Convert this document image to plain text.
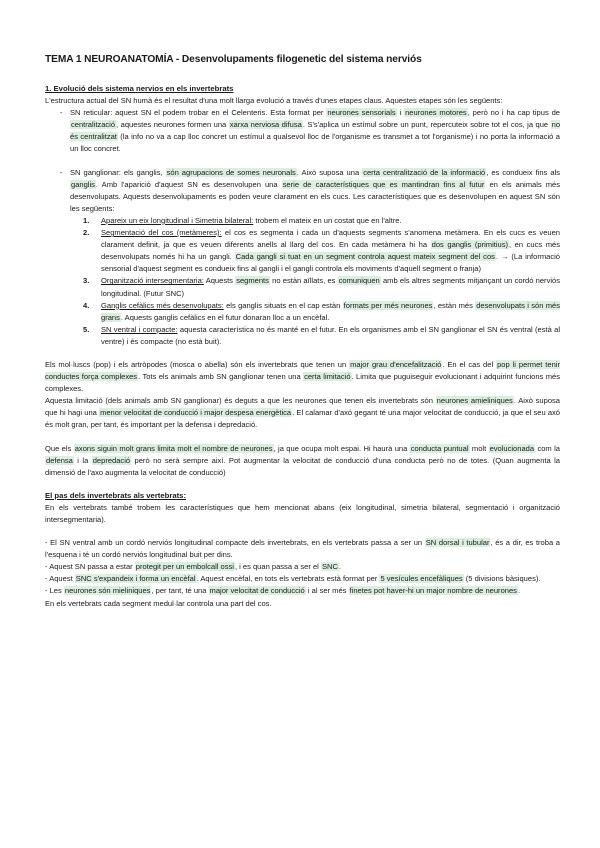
TEMA 1 NEUROANATOMÍA - Desenvolupaments filogenetic del sistema nerviós

1. Evolució dels sistema nervios en els invertebrats

L'estructura actual del SN humà és el resultat d'una molt llarga evolució a través d'unes etapes claus. Aquestes etapes són les següents:

- SN reticular: aquest SN el podem trobar en el Celenteris. Esta format per neurones sensorials i neurones motores, però no i ha cap tipus de centralització, aquestes neurones formen una xarxa nerviosa difusa. S's'aplica un estímul sobre un punt, repercuteix sobre tot el cos, ja que no és centralitzat (la info no va a cap lloc concret un estímul a qualsevol lloc de l'organisme es transmet a tot l'organisme) i no porta la informació a un lloc concret.

- SN ganglionar: els ganglis, són agrupacions de somes neuronals. Això suposa una certa centralització de la informació, es condueix fins als ganglis. Amb l'aparició d'aquest SN es desenvolupen una serie de característiques que es mantindran fins al futur en els animals més desenvolupats. Aquests desenvolupaments es poden veure clarament en els cucs. Les característiques que es desenvolupen en aquest SN són les següents:

1. Apareix un eix longitudinal i Simetria bilateral: trobem el mateix en un costat que en l'altre.
2. Segmentació del cos (metàmeres): el cos es segmenta i cada un d'aquests segments s'anomena metàmera. En els cucs es veuen clarament definit, ja que es veuen diferents anells al llarg del cos. En cada metàmera hi ha dos ganglis (primitius), en cucs més desenvolupats només hi ha un gangli. Cada gangli si tuat en un segment controla aquest mateix segment del cos. → (La informació sensorial d'aquest segment es condueix fins al gangli i el gangli controla els moviments d'aquell segment o franja)
3. Organització intersegmentaria: Aquests segments no estàn aïllats, es comuniquen amb els altres segments mitjançant un cordó nerviós longitudinal. (Futur SNC)
4. Ganglis cefàlics més desenvolupats: els ganglis situats en el cap estàn formats per més neurones, estàn més desenvolupats i són més grans. Aquests ganglis cefàlics en el futur donaran lloc a un encèfal.
5. SN ventral i compacte: aquesta característica no és manté en el futur. En els organismes amb el SN ganglionar el SN és ventral (està al ventre) i és compacte (no està buit).

Els mol·luscs (pop) i els artròpodes (mosca o abella) són els invertebrats que tenen un major grau d'encefalització. En el cas del pop li permet tenir conductes força complexes. Tots els animals amb SN ganglionar tenen una certa limitació. Limita que puguiseguir evolucionant i adquirint funcions més complexes.

Aquesta limitació (dels animals amb SN ganglionar) és deguts a que les neurones que tenen els invertebrats són neurones amieliniques. Això suposa que hi hagi una menor velocitat de conducció i major despesa energètica. El calamar d'axó gegant té una major velocitat de conducció, ja que el seu axó és molt gran, per tant, és important per la defensa i depredació.

Que els axons siguin molt grans limita molt el nombre de neurones, ja que ocupa molt espai. Hi haurà una conducta puntual molt evolucionada com la defensa i la depredació però no serà sempre així. Pot augmentar la velocitat de conducció d'una conducta però no de totes. (Quan augmenta la dimensió de l'axo augmenta la velocitat de conducció)

El pas dels invertebrats als vertebrats:

En els vertebrats també trobem les característiques que hem mencionat abans (eix longitudinal, simetria bilateral, segmentació i organització intersegmentaria).

- El SN ventral amb un cordó nerviós longitudinal compacte dels invertebrats, en els vertebrats passa a ser un SN dorsal i tubular, és a dir, es troba a l'esquena i té un cordó nerviós longitudinal buit per dins.

- Aquest SN passa a estar protegit per un embolcall ossi, i es quan passa a ser el SNC.

- Aquest SNC s'expandeix i forma un encèfal. Aquest encèfal, en tots els vertebrats està format per 5 vesícules encefàliques (5 divisions bàsiques).

- Les neurones són mieliniques, per tant, té una major velocitat de conducció i al ser més finetes pot haver-hi un major nombre de neurones.

En els vertebrats cada segment medul·lar controla una part del cos.
